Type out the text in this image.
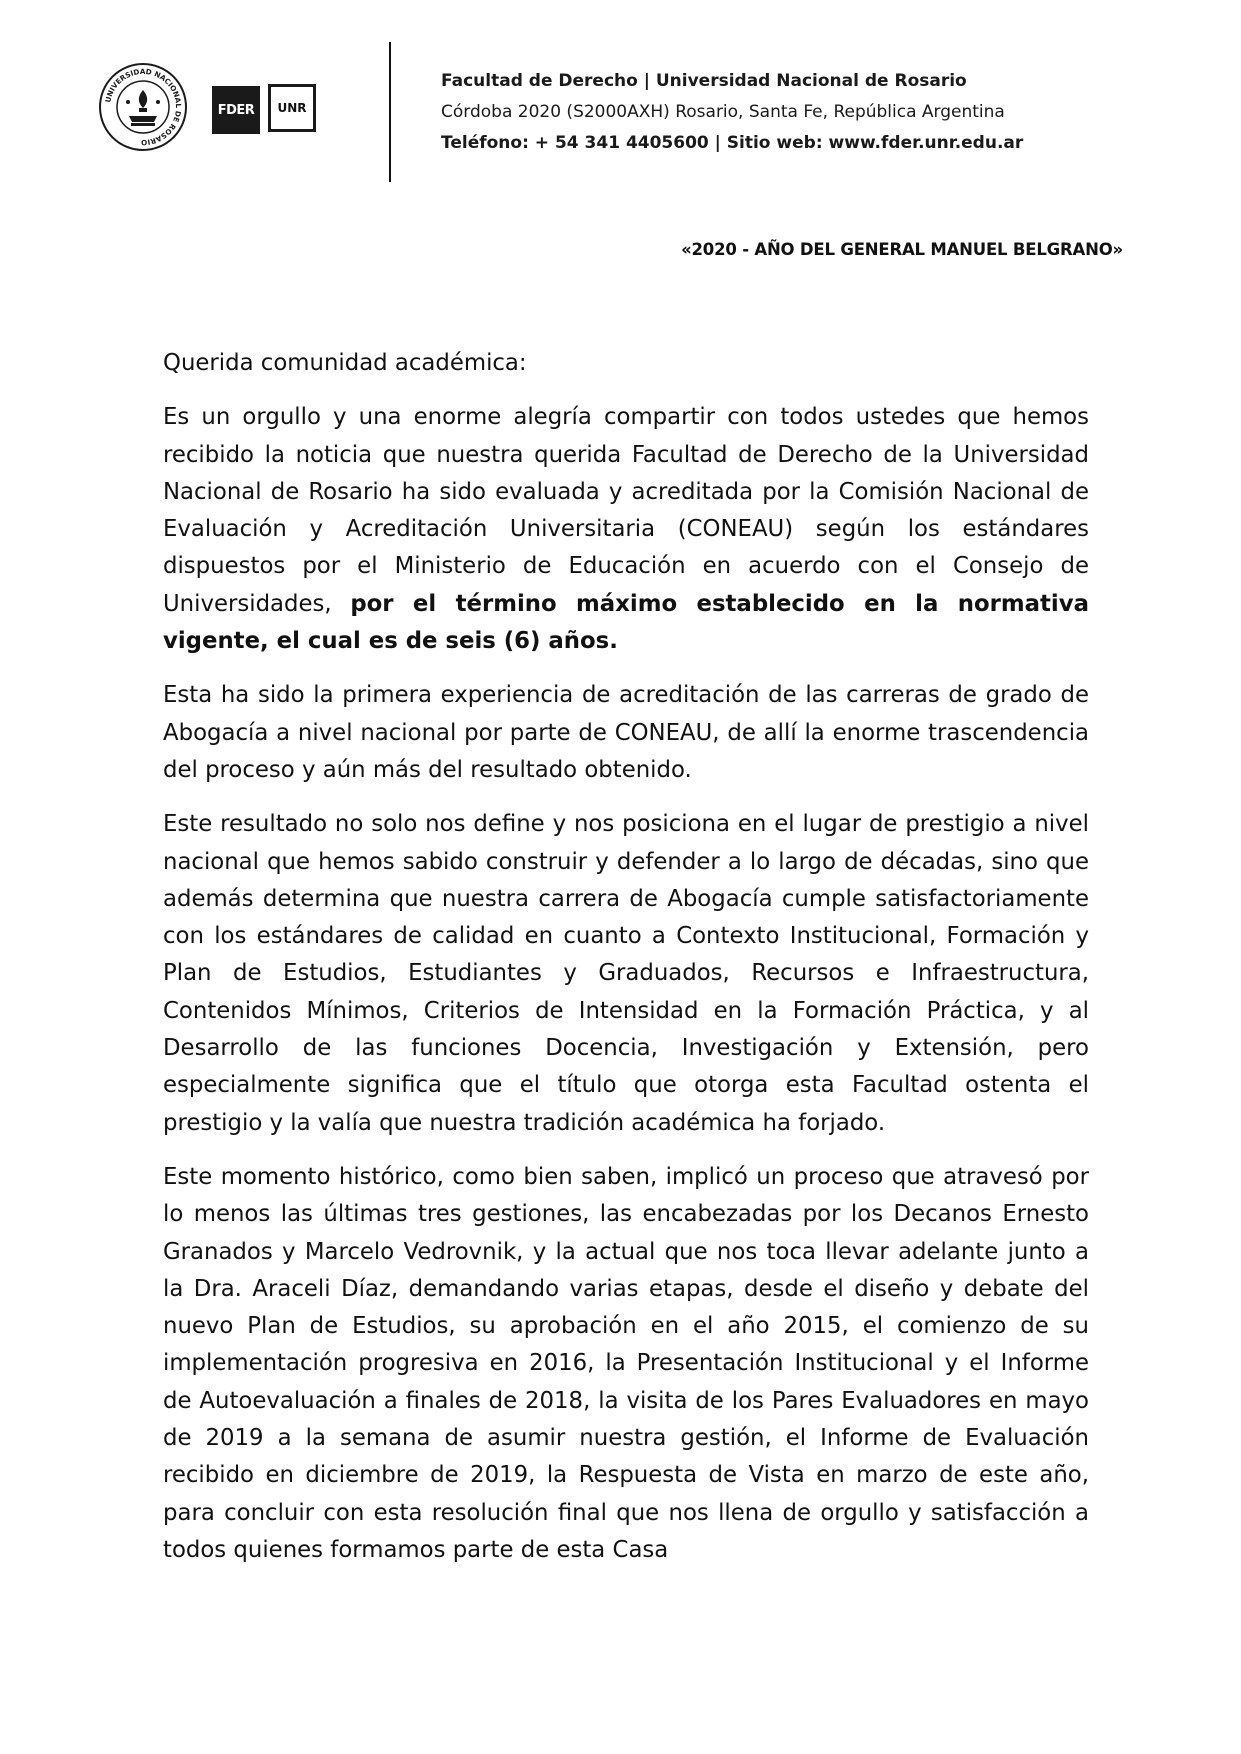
UNIVERSIDAD NACIONAL DE ROSARIO
FDER UNR
Facultad de Derecho | Universidad Nacional de Rosario
Córdoba 2020 (S2000AXH) Rosario, Santa Fe, República Argentina
Teléfono: + 54 341 4405600 | Sitio web: www.fder.unr.edu.ar
«2020 - AÑO DEL GENERAL MANUEL BELGRANO»

Querida comunidad académica:

Es un orgullo y una enorme alegría compartir con todos ustedes que hemos recibido la noticia que nuestra querida Facultad de Derecho de la Universidad Nacional de Rosario ha sido evaluada y acreditada por la Comisión Nacional de Evaluación y Acreditación Universitaria (CONEAU) según los estándares dispuestos por el Ministerio de Educación en acuerdo con el Consejo de Universidades, por el término máximo establecido en la normativa vigente, el cual es de seis (6) años.

Esta ha sido la primera experiencia de acreditación de las carreras de grado de Abogacía a nivel nacional por parte de CONEAU, de allí la enorme trascendencia del proceso y aún más del resultado obtenido.

Este resultado no solo nos define y nos posiciona en el lugar de prestigio a nivel nacional que hemos sabido construir y defender a lo largo de décadas, sino que además determina que nuestra carrera de Abogacía cumple satisfactoriamente con los estándares de calidad en cuanto a Contexto Institucional, Formación y Plan de Estudios, Estudiantes y Graduados, Recursos e Infraestructura, Contenidos Mínimos, Criterios de Intensidad en la Formación Práctica, y al Desarrollo de las funciones Docencia, Investigación y Extensión, pero especialmente significa que el título que otorga esta Facultad ostenta el prestigio y la valía que nuestra tradición académica ha forjado.

Este momento histórico, como bien saben, implicó un proceso que atravesó por lo menos las últimas tres gestiones, las encabezadas por los Decanos Ernesto Granados y Marcelo Vedrovnik, y la actual que nos toca llevar adelante junto a la Dra. Araceli Díaz, demandando varias etapas, desde el diseño y debate del nuevo Plan de Estudios, su aprobación en el año 2015, el comienzo de su implementación progresiva en 2016, la Presentación Institucional y el Informe de Autoevaluación a finales de 2018, la visita de los Pares Evaluadores en mayo de 2019 a la semana de asumir nuestra gestión, el Informe de Evaluación recibido en diciembre de 2019, la Respuesta de Vista en marzo de este año, para concluir con esta resolución final que nos llena de orgullo y satisfacción a todos quienes formamos parte de esta Casa
